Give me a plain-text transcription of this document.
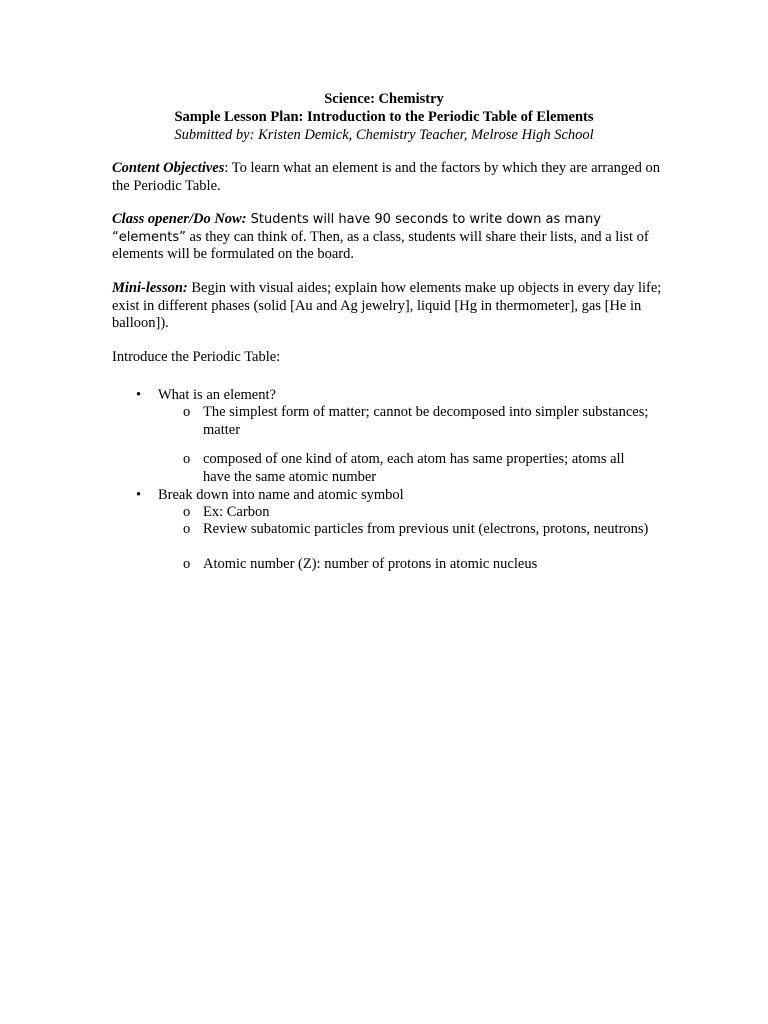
Science: Chemistry
Sample Lesson Plan: Introduction to the Periodic Table of Elements
Submitted by: Kristen Demick, Chemistry Teacher, Melrose High School
Content Objectives: To learn what an element is and the factors by which they are arranged on the Periodic Table.
Class opener/Do Now: Students will have 90 seconds to write down as many “elements” as they can think of. Then, as a class, students will share their lists, and a list of elements will be formulated on the board.
Mini-lesson: Begin with visual aides; explain how elements make up objects in every day life; exist in different phases (solid [Au and Ag jewelry], liquid [Hg in thermometer], gas [He in balloon]).
Introduce the Periodic Table:
• What is an element?
o The simplest form of matter; cannot be decomposed into simpler substances; matter
o composed of one kind of atom, each atom has same properties; atoms all have the same atomic number
• Break down into name and atomic symbol
o Ex: Carbon
o Review subatomic particles from previous unit (electrons, protons, neutrons)
o Atomic number (Z): number of protons in atomic nucleus
